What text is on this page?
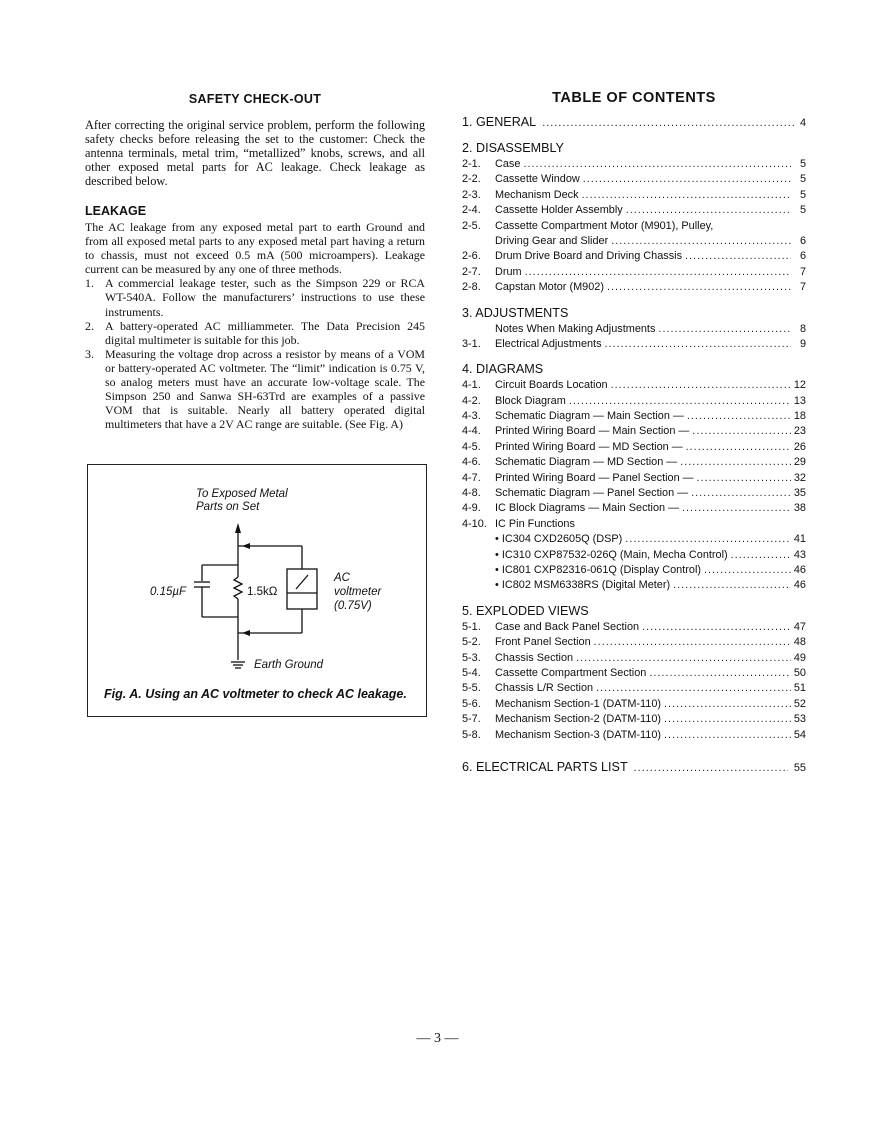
SAFETY CHECK-OUT

After correcting the original service problem, perform the following safety checks before releasing the set to the customer: Check the antenna terminals, metal trim, “metallized” knobs, screws, and all other exposed metal parts for AC leakage. Check leakage as described below.

LEAKAGE

The AC leakage from any exposed metal part to earth Ground and from all exposed metal parts to any exposed metal part having a return to chassis, must not exceed 0.5 mA (500 microampers). Leakage current can be measured by any one of three methods.

1. A commercial leakage tester, such as the Simpson 229 or RCA WT-540A. Follow the manufacturers’ instructions to use these instruments.
2. A battery-operated AC milliammeter. The Data Precision 245 digital multimeter is suitable for this job.
3. Measuring the voltage drop across a resistor by means of a VOM or battery-operated AC voltmeter. The “limit” indication is 0.75 V, so analog meters must have an accurate low-voltage scale. The Simpson 250 and Sanwa SH-63Trd are examples of a passive VOM that is suitable. Nearly all battery operated digital multimeters that have a 2V AC range are suitable. (See Fig. A)
To Exposed Metal
Parts on Set
0.15µF	1.5kΩ
AC
voltmeter
(0.75V)
Earth Ground
Fig. A. Using an AC voltmeter to check AC leakage.
TABLE OF CONTENTS
1. GENERAL .....	4
2. DISASSEMBLY
2-1.	Case .....	5
2-2.	Cassette Window .....	5
2-3.	Mechanism Deck .....	5
2-4.	Cassette Holder Assembly .....	5
2-5.	Cassette Compartment Motor (M901), Pulley,
Driving Gear and Slider .....	6
2-6.	Drum Drive Board and Driving Chassis .....	6
2-7.	Drum .....	7
2-8.	Capstan Motor (M902) .....	7
3. ADJUSTMENTS
Notes When Making Adjustments .....	8
3-1.	Electrical Adjustments .....	9
4. DIAGRAMS
4-1.	Circuit Boards Location .....	12
4-2.	Block Diagram .....	13
4-3.	Schematic Diagram — Main Section — .....	18
4-4.	Printed Wiring Board — Main Section — .....	23
4-5.	Printed Wiring Board — MD Section — .....	26
4-6.	Schematic Diagram — MD Section — .....	29
4-7.	Printed Wiring Board — Panel Section — .....	32
4-8.	Schematic Diagram — Panel Section — .....	35
4-9.	IC Block Diagrams — Main Section — .....	38
4-10. IC Pin Functions
• IC304 CXD2605Q (DSP) .....	41
• IC310 CXP87532-026Q (Main, Mecha Control) .....	43
• IC801 CXP82316-061Q (Display Control) .....	46
• IC802 MSM6338RS (Digital Meter) .....	46
5. EXPLODED VIEWS
5-1.	Case and Back Panel Section .....	47
5-2.	Front Panel Section .....	48
5-3.	Chassis Section .....	49
5-4.	Cassette Compartment Section .....	50
5-5.	Chassis L/R Section .....	51
5-6.	Mechanism Section-1 (DATM-110) .....	52
5-7.	Mechanism Section-2 (DATM-110) .....	53
5-8.	Mechanism Section-3 (DATM-110) .....	54
6. ELECTRICAL PARTS LIST .....	55
— 3 —
